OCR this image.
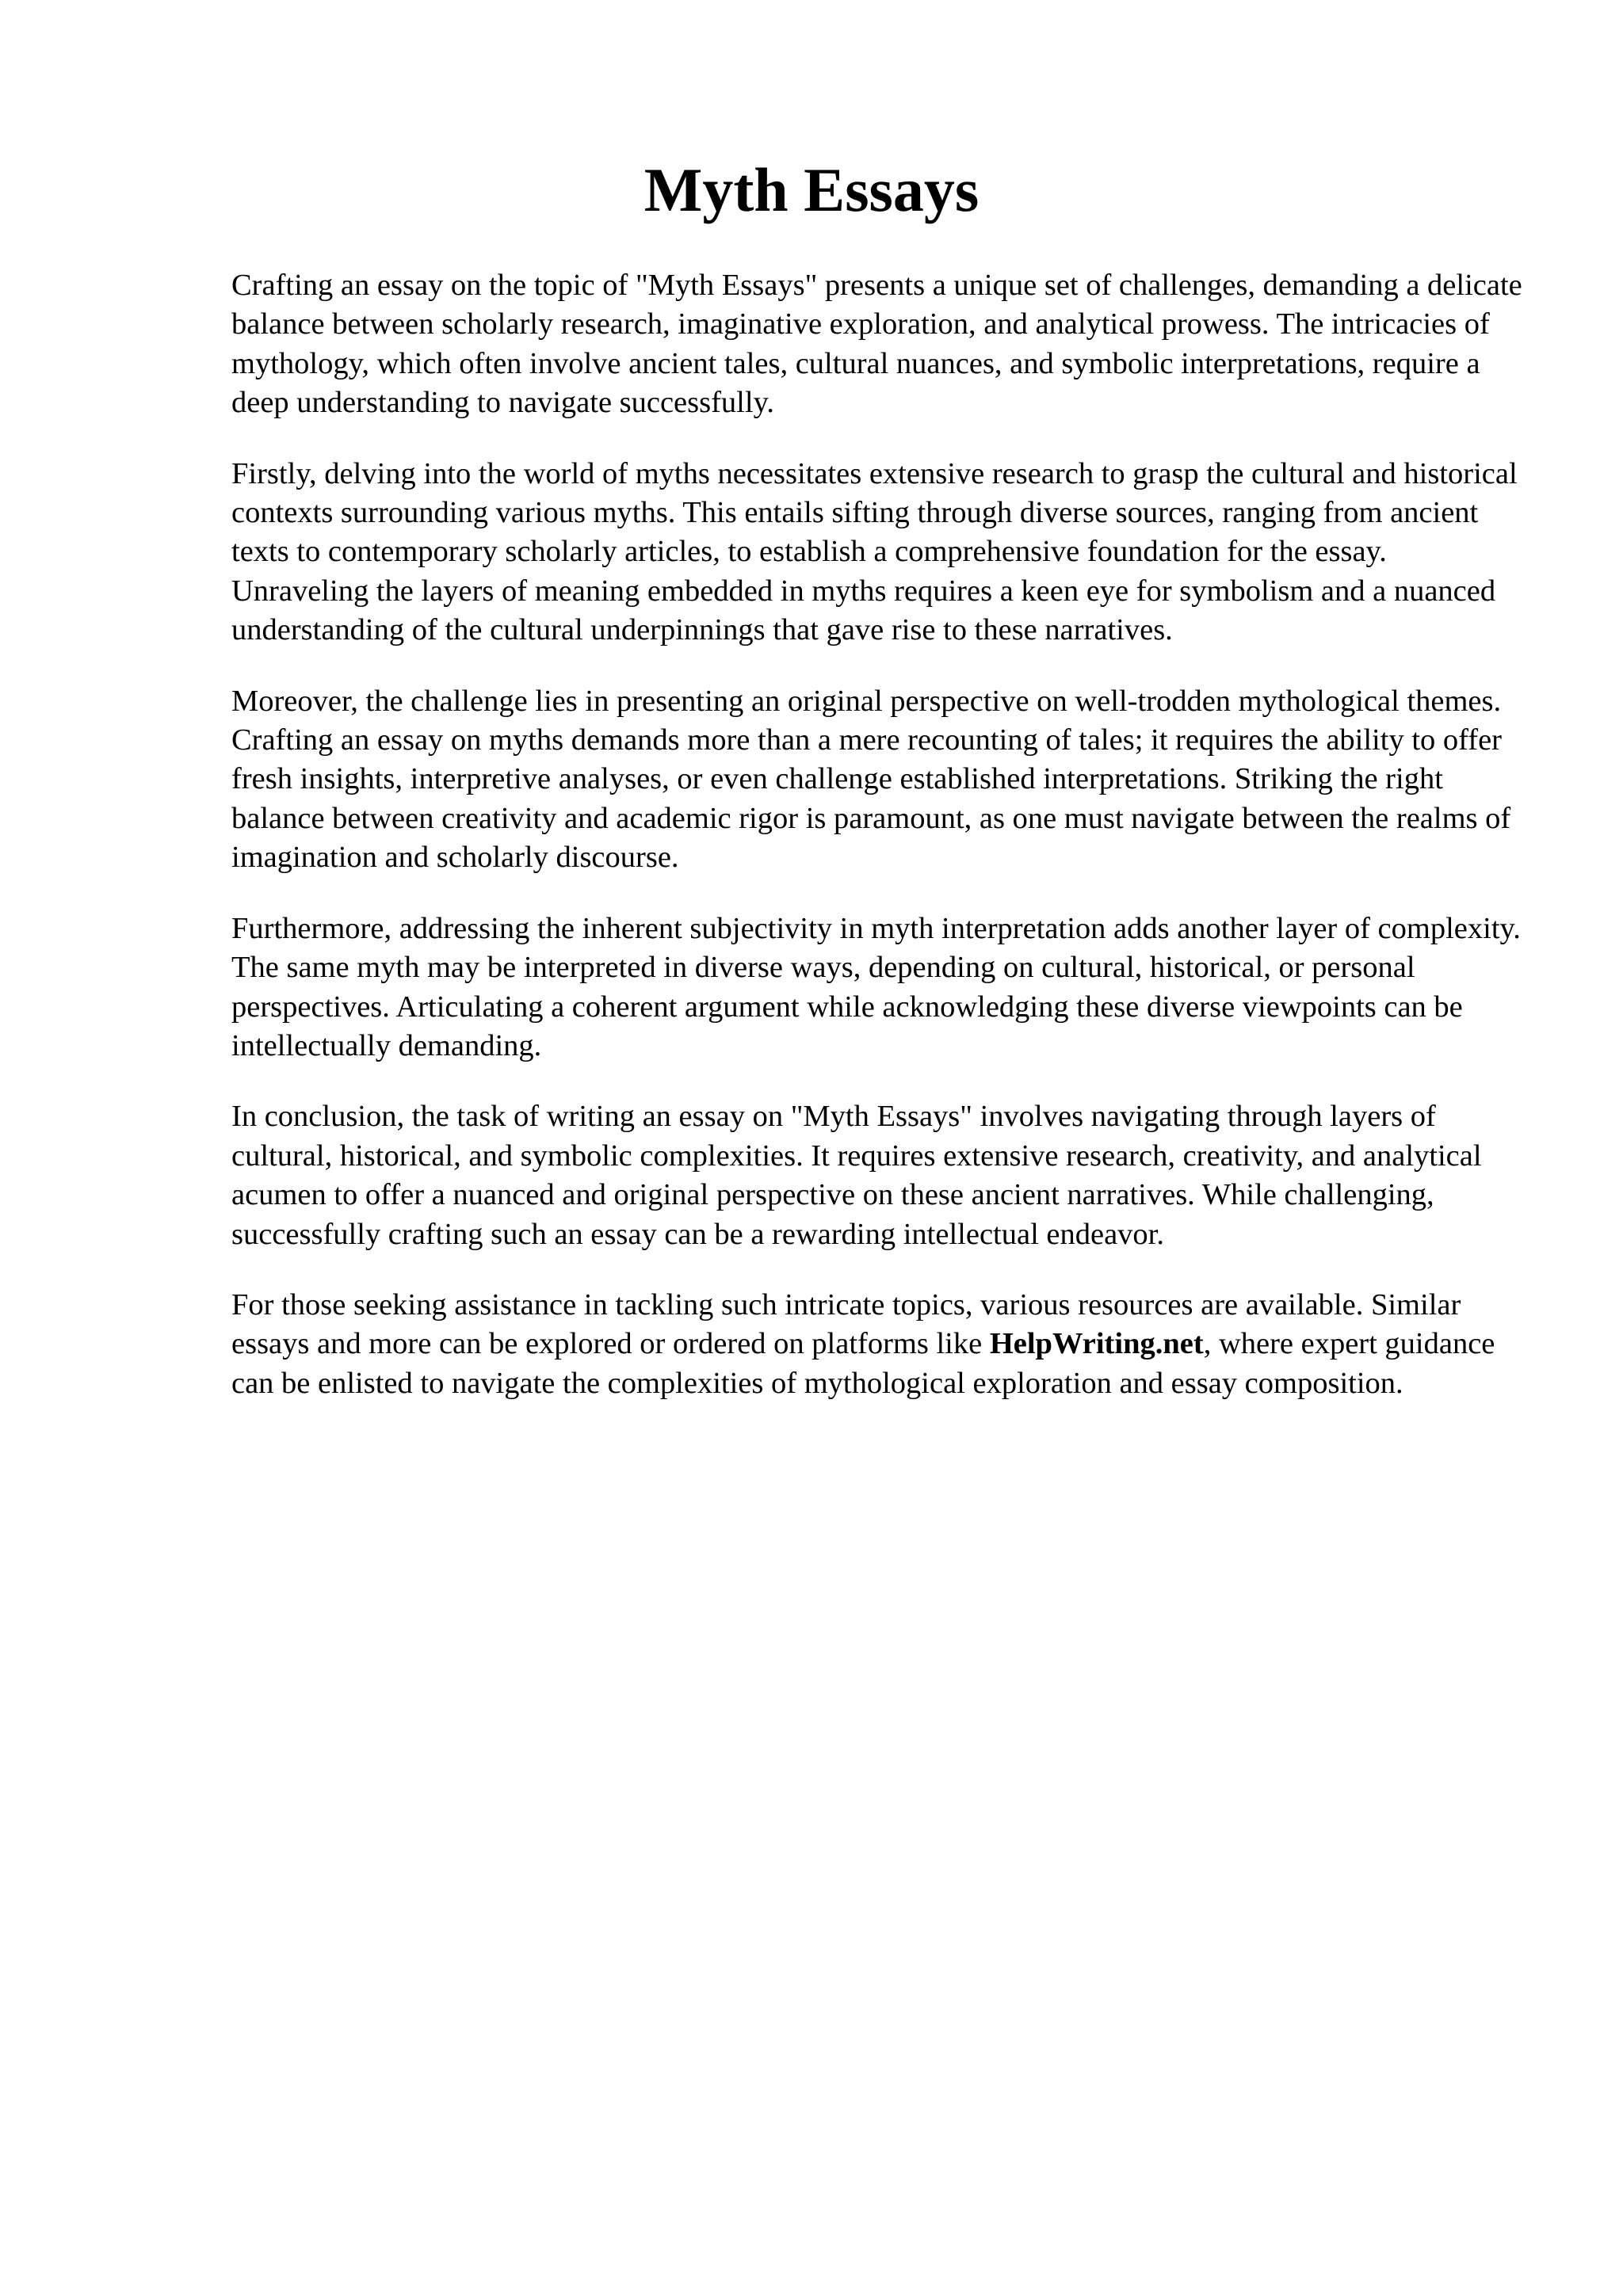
Myth Essays

Crafting an essay on the topic of "Myth Essays" presents a unique set of challenges, demanding a delicate balance between scholarly research, imaginative exploration, and analytical prowess. The intricacies of mythology, which often involve ancient tales, cultural nuances, and symbolic interpretations, require a deep understanding to navigate successfully.

Firstly, delving into the world of myths necessitates extensive research to grasp the cultural and historical contexts surrounding various myths. This entails sifting through diverse sources, ranging from ancient texts to contemporary scholarly articles, to establish a comprehensive foundation for the essay. Unraveling the layers of meaning embedded in myths requires a keen eye for symbolism and a nuanced understanding of the cultural underpinnings that gave rise to these narratives.

Moreover, the challenge lies in presenting an original perspective on well-trodden mythological themes. Crafting an essay on myths demands more than a mere recounting of tales; it requires the ability to offer fresh insights, interpretive analyses, or even challenge established interpretations. Striking the right balance between creativity and academic rigor is paramount, as one must navigate between the realms of imagination and scholarly discourse.

Furthermore, addressing the inherent subjectivity in myth interpretation adds another layer of complexity. The same myth may be interpreted in diverse ways, depending on cultural, historical, or personal perspectives. Articulating a coherent argument while acknowledging these diverse viewpoints can be intellectually demanding.

In conclusion, the task of writing an essay on "Myth Essays" involves navigating through layers of cultural, historical, and symbolic complexities. It requires extensive research, creativity, and analytical acumen to offer a nuanced and original perspective on these ancient narratives. While challenging, successfully crafting such an essay can be a rewarding intellectual endeavor.

For those seeking assistance in tackling such intricate topics, various resources are available. Similar essays and more can be explored or ordered on platforms like HelpWriting.net, where expert guidance can be enlisted to navigate the complexities of mythological exploration and essay composition.
